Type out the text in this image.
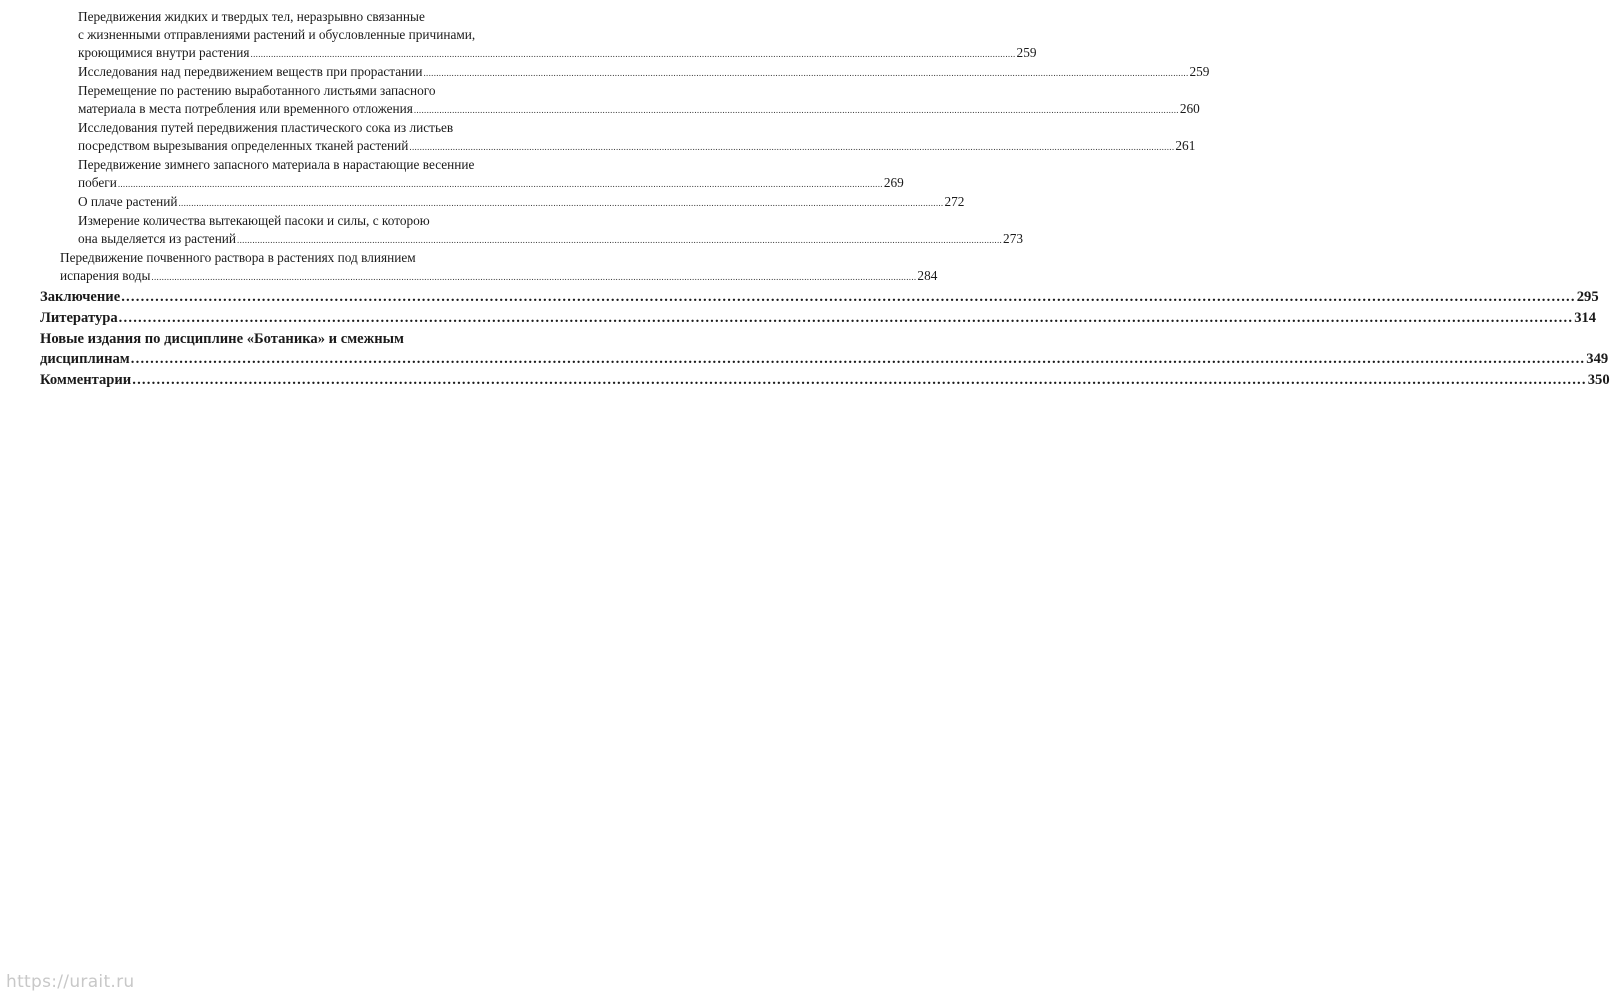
Передвижения жидких и твердых тел, неразрывно связанные
с жизненными отправлениями растений и обусловленные причинами,
кроющимися внутри растения ............................................................................................................................................................................................................................................................................................................ 259
Исследования над передвижением веществ при прорастании ............................................................................................................................................................................................................................................................................................................ 259
Перемещение по растению выработанного листьями запасного
материала в места потребления или временного отложения ............................................................................................................................................................................................................................................................................................................ 260
Исследования путей передвижения пластического сока из листьев
посредством вырезывания определенных тканей растений ............................................................................................................................................................................................................................................................................................................ 261
Передвижение зимнего запасного материала в нарастающие весенние
побеги ............................................................................................................................................................................................................................................................................................................ 269
О плаче растений ............................................................................................................................................................................................................................................................................................................ 272
Измерение количества вытекающей пасоки и силы, с которою
она выделяется из растений ............................................................................................................................................................................................................................................................................................................ 273
Передвижение почвенного раствора в растениях под влиянием
испарения воды ............................................................................................................................................................................................................................................................................................................ 284
Заключение ............................................................................................................................................................................................................................................................................................................ 295
Литература ............................................................................................................................................................................................................................................................................................................ 314
Новые издания по дисциплине «Ботаника» и смежным
дисциплинам ............................................................................................................................................................................................................................................................................................................ 349
Комментарии ............................................................................................................................................................................................................................................................................................................ 350
https://urait.ru
